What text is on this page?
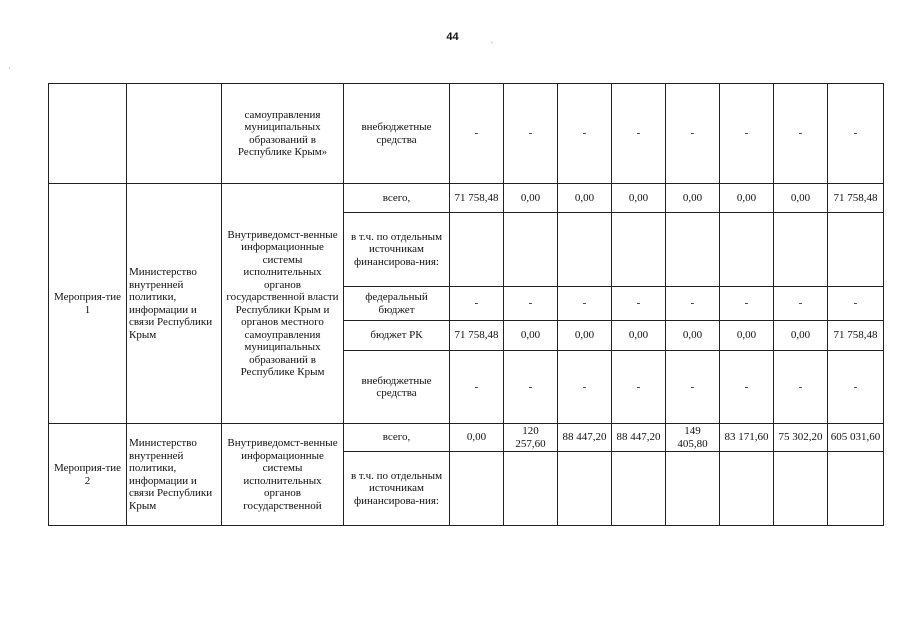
44
·
`
		самоуправления муниципальных образований в Республике Крым»	внебюджетные средства	-	-	-	-	-	-	-	-
Мероприя-тие 1	Министерство внутренней политики, информации и связи Республики Крым	Внутриведомст-венные информационные системы исполнительных органов государственной власти Республики Крым и органов местного самоуправления муниципальных образований в Республике Крым	всего,	71 758,48	0,00	0,00	0,00	0,00	0,00	0,00	71 758,48
			в т.ч. по отдельным источникам финансирова-ния:								
			федеральный бюджет	-	-	-	-	-	-	-	-
			бюджет РК	71 758,48	0,00	0,00	0,00	0,00	0,00	0,00	71 758,48
			внебюджетные средства	-	-	-	-	-	-	-	-
Мероприя-тие 2	Министерство внутренней политики, информации и связи Республики Крым	Внутриведомст-венные информационные системы исполнительных органов государственной	всего,	0,00	120 257,60	88 447,20	88 447,20	149 405,80	83 171,60	75 302,20	605 031,60
			в т.ч. по отдельным источникам финансирова-ния:								
